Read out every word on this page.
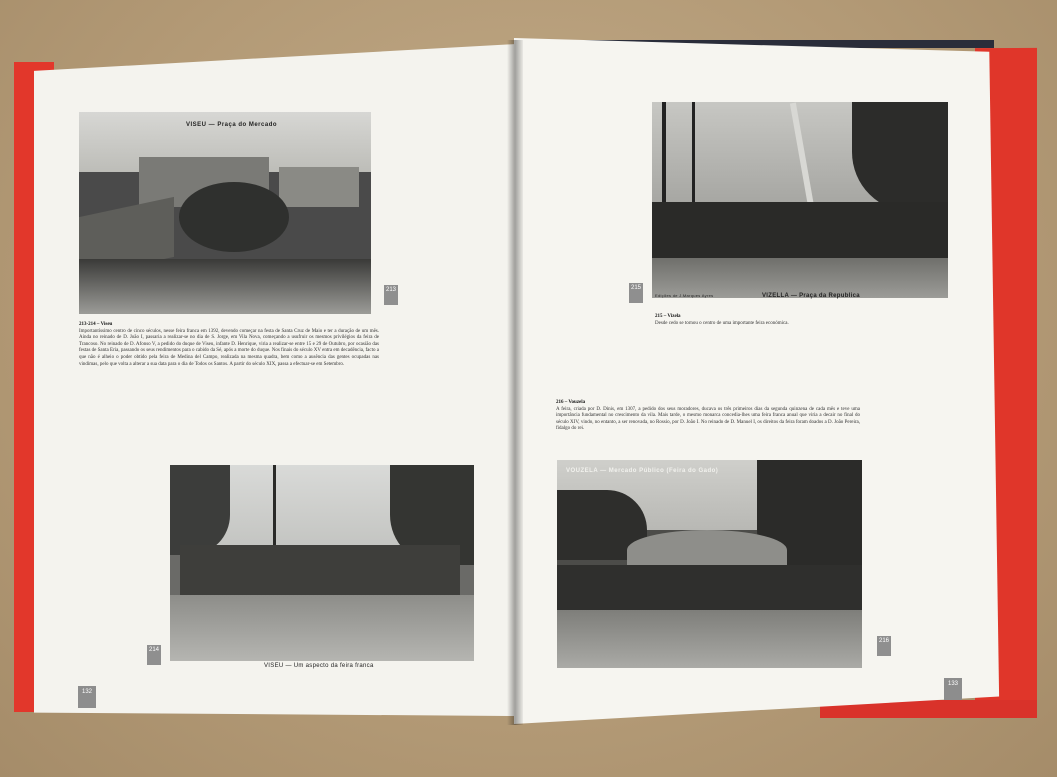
VISEU — Praça do Mercado
213
213-214 – Viseu
Importantíssimo centro de cinco séculos, nesse feira franca em 1392, devendo começar na festa de Santa Cruz de Maio e ter a duração de um mês. Ainda no reinado de D. João I, passaria a realizar-se no dia de S. Jorge, em Vila Nova, começando a usufruir os mesmos privilégios da feira de Trancoso. No reinado de D. Afonso V, a pedido do duque de Viseu, infante D. Henrique, viria a realizar-se entre 15 e 29 de Outubro, por ocasião das festas de Santa Eria, passando os seus rendimentos para o cabido da Sé, após a morte do duque. Nos finais do século XV entra em decadência, facto a que não é alheio o poder obtido pela feira de Medina del Campo, realizada na mesma quadra, bem como a ausência das gentes ocupadas nas vindimas, pelo que volta a alterar a sua data para o dia de Todos os Santos. A partir do século XIX, passa a efectuar-se em Setembro.
VISEU — Um aspecto da feira franca
214
132
Edições de J.Marques Ayres	VIZELLA — Praça da Republica
215
215 – Vizela
Desde cedo se tornou o centro de uma importante feira económica.
216 – Vouzela
A feira, criada por D. Dinis, em 1307, a pedido dos seus moradores, ducava os três primeiros dias da segunda quinzena de cada mês e teve uma importância fundamental no crescimento da vila. Mais tarde, o mesmo monarca concedia-lhes uma feira franca anual que viria a decair no final do século XIV, vindo, no entanto, a ser renovada, no Rossio, por D. João I. No reinado de D. Manuel I, os direitos da feira foram doados a D. João Pereira, fidalgo do rei.
VOUZELA — Mercado Público (Feira do Gado)
216
133
